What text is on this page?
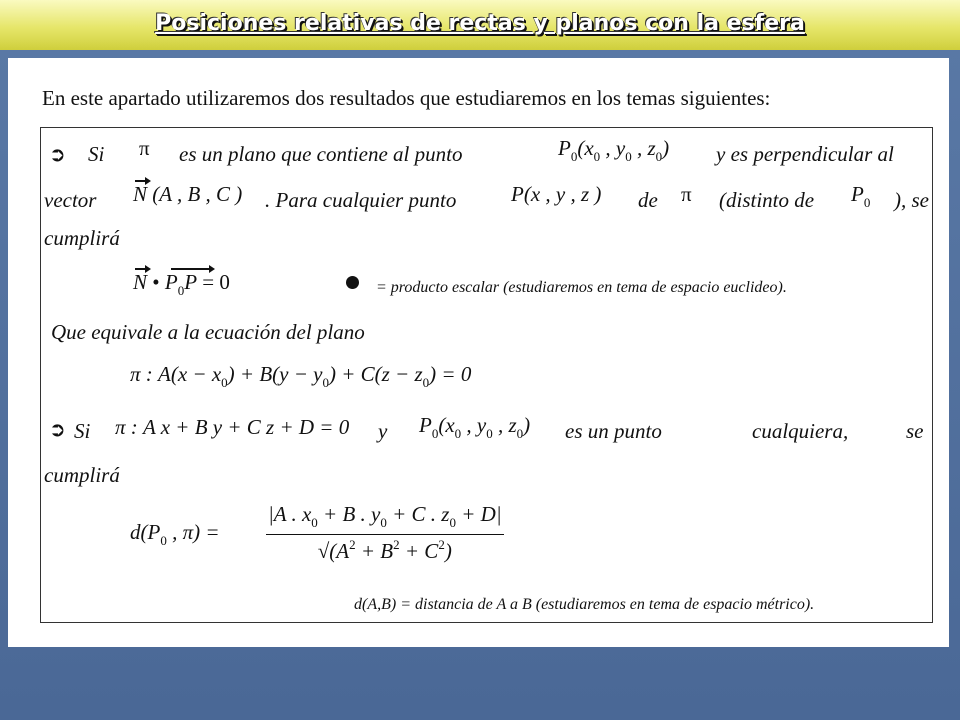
Posiciones relativas de rectas y planos con la esfera
En este apartado utilizaremos dos resultados que estudiaremos en los temas siguientes:
➲ Si π es un plano que contiene al punto	$P_0(x_0$ , $y_0$ , $z_0$) y es perpendicular al
vector N (A , B , C ) . Para cualquier punto	P(x , y , z ) de π (distinto de $P_0$ ), se
cumplirá
N • $P_0P = 0$	= producto escalar (estudiaremos en tema de espacio euclideo).
Que equivale a la ecuación del plano
π : $A(x - x_0) + B(y - y_0) + C(z - z_0) = 0$
➲ Si π : A x + B y + C z + D = 0 y $P_0(x_0$ , $y_0$ , $z_0$) es un punto	cualquiera,	se
cumplirá
$d(P_0$ , $\pi) = \frac{|A . x_0 + B . y_0 + C . z_0 + D|}{√(A^2 + B^2 + C^2)}$
d(A,B) = distancia de A a B (estudiaremos en tema de espacio métrico).
